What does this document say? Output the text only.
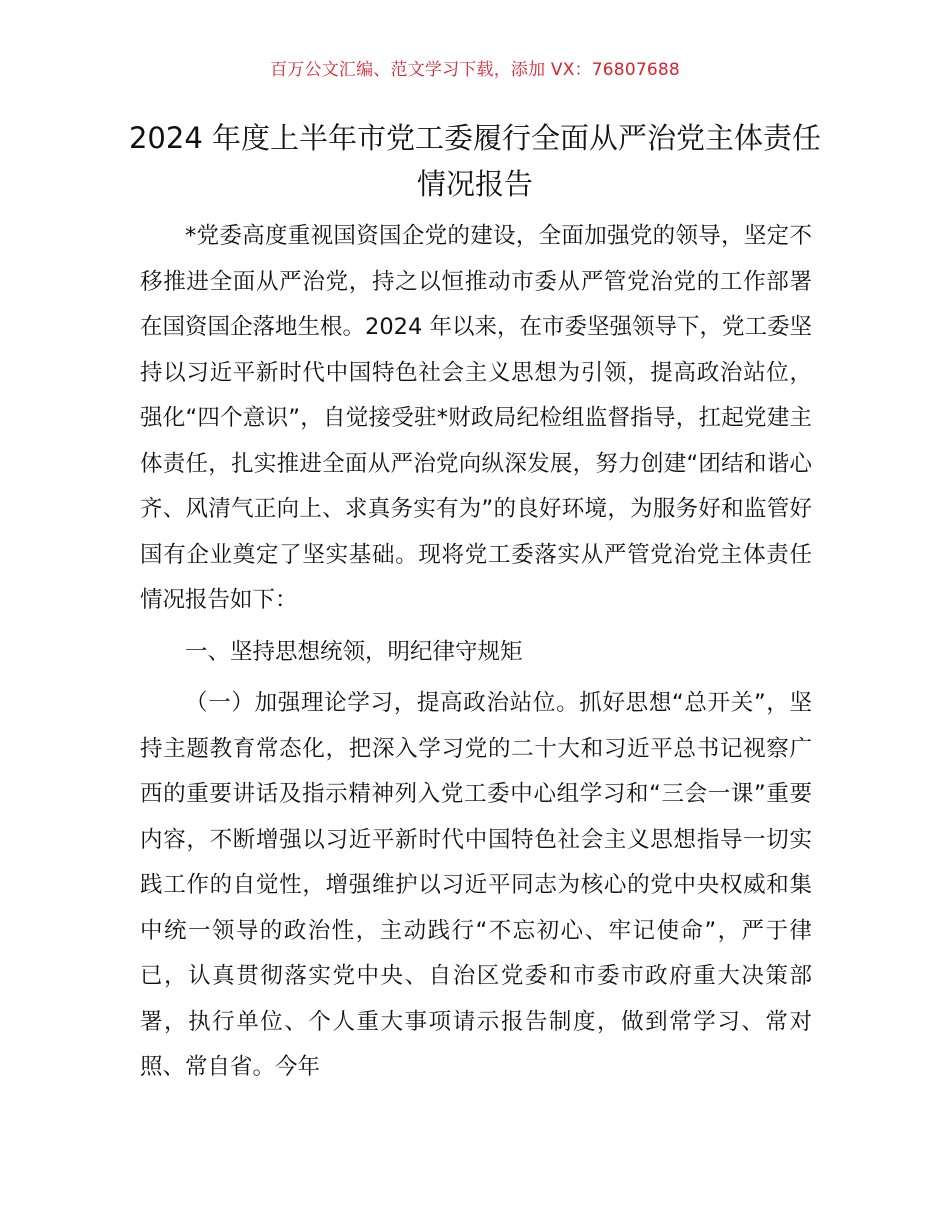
百万公文汇编、范文学习下载，添加 VX：76807688
2024 年度上半年市党工委履行全面从严治党主体责任情况报告

*党委高度重视国资国企党的建设，全面加强党的领导，坚定不移推进全面从严治党，持之以恒推动市委从严管党治党的工作部署在国资国企落地生根。2024 年以来，在市委坚强领导下，党工委坚持以习近平新时代中国特色社会主义思想为引领，提高政治站位，强化“四个意识”，自觉接受驻*财政局纪检组监督指导，扛起党建主体责任，扎实推进全面从严治党向纵深发展，努力创建“团结和谐心齐、风清气正向上、求真务实有为”的良好环境，为服务好和监管好国有企业奠定了坚实基础。现将党工委落实从严管党治党主体责任情况报告如下：

一、坚持思想统领，明纪律守规矩

（一）加强理论学习，提高政治站位。抓好思想“总开关”，坚持主题教育常态化，把深入学习党的二十大和习近平总书记视察广西的重要讲话及指示精神列入党工委中心组学习和“三会一课”重要内容，不断增强以习近平新时代中国特色社会主义思想指导一切实践工作的自觉性，增强维护以习近平同志为核心的党中央权威和集中统一领导的政治性，主动践行“不忘初心、牢记使命”，严于律已，认真贯彻落实党中央、自治区党委和市委市政府重大决策部署，执行单位、个人重大事项请示报告制度，做到常学习、常对照、常自省。今年
